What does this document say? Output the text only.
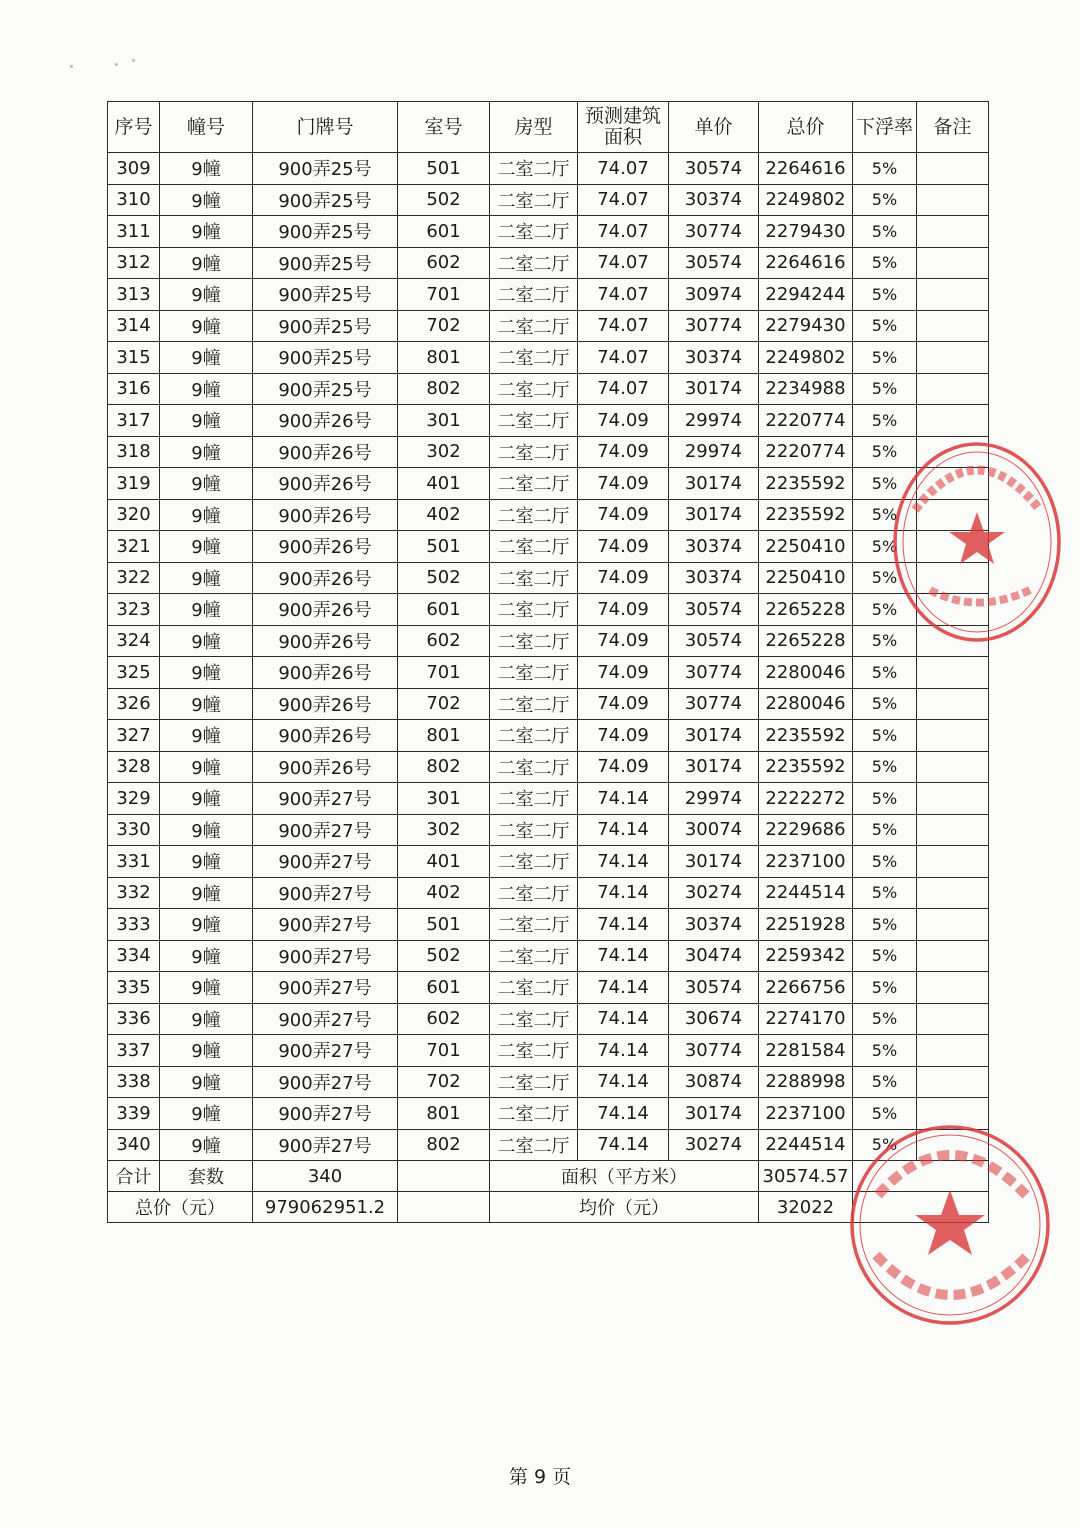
序号	幢号	门牌号	室号	房型	预测建筑面积	单价	总价	下浮率	备注
309	9幢	900弄25号	501	二室二厅	74.07	30574	2264616	5%	
310	9幢	900弄25号	502	二室二厅	74.07	30374	2249802	5%	
311	9幢	900弄25号	601	二室二厅	74.07	30774	2279430	5%	
312	9幢	900弄25号	602	二室二厅	74.07	30574	2264616	5%	
313	9幢	900弄25号	701	二室二厅	74.07	30974	2294244	5%	
314	9幢	900弄25号	702	二室二厅	74.07	30774	2279430	5%	
315	9幢	900弄25号	801	二室二厅	74.07	30374	2249802	5%	
316	9幢	900弄25号	802	二室二厅	74.07	30174	2234988	5%	
317	9幢	900弄26号	301	二室二厅	74.09	29974	2220774	5%	
318	9幢	900弄26号	302	二室二厅	74.09	29974	2220774	5%	
319	9幢	900弄26号	401	二室二厅	74.09	30174	2235592	5%	
320	9幢	900弄26号	402	二室二厅	74.09	30174	2235592	5%	
321	9幢	900弄26号	501	二室二厅	74.09	30374	2250410	5%	
322	9幢	900弄26号	502	二室二厅	74.09	30374	2250410	5%	
323	9幢	900弄26号	601	二室二厅	74.09	30574	2265228	5%	
324	9幢	900弄26号	602	二室二厅	74.09	30574	2265228	5%	
325	9幢	900弄26号	701	二室二厅	74.09	30774	2280046	5%	
326	9幢	900弄26号	702	二室二厅	74.09	30774	2280046	5%	
327	9幢	900弄26号	801	二室二厅	74.09	30174	2235592	5%	
328	9幢	900弄26号	802	二室二厅	74.09	30174	2235592	5%	
329	9幢	900弄27号	301	二室二厅	74.14	29974	2222272	5%	
330	9幢	900弄27号	302	二室二厅	74.14	30074	2229686	5%	
331	9幢	900弄27号	401	二室二厅	74.14	30174	2237100	5%	
332	9幢	900弄27号	402	二室二厅	74.14	30274	2244514	5%	
333	9幢	900弄27号	501	二室二厅	74.14	30374	2251928	5%	
334	9幢	900弄27号	502	二室二厅	74.14	30474	2259342	5%	
335	9幢	900弄27号	601	二室二厅	74.14	30574	2266756	5%	
336	9幢	900弄27号	602	二室二厅	74.14	30674	2274170	5%	
337	9幢	900弄27号	701	二室二厅	74.14	30774	2281584	5%	
338	9幢	900弄27号	702	二室二厅	74.14	30874	2288998	5%	
339	9幢	900弄27号	801	二室二厅	74.14	30174	2237100	5%	
340	9幢	900弄27号	802	二室二厅	74.14	30274	2244514	5%	
合计	套数	340		面积（平方米）			30574.57		
总价（元）		979062951.2		均价（元）			32022		
第 9 页
